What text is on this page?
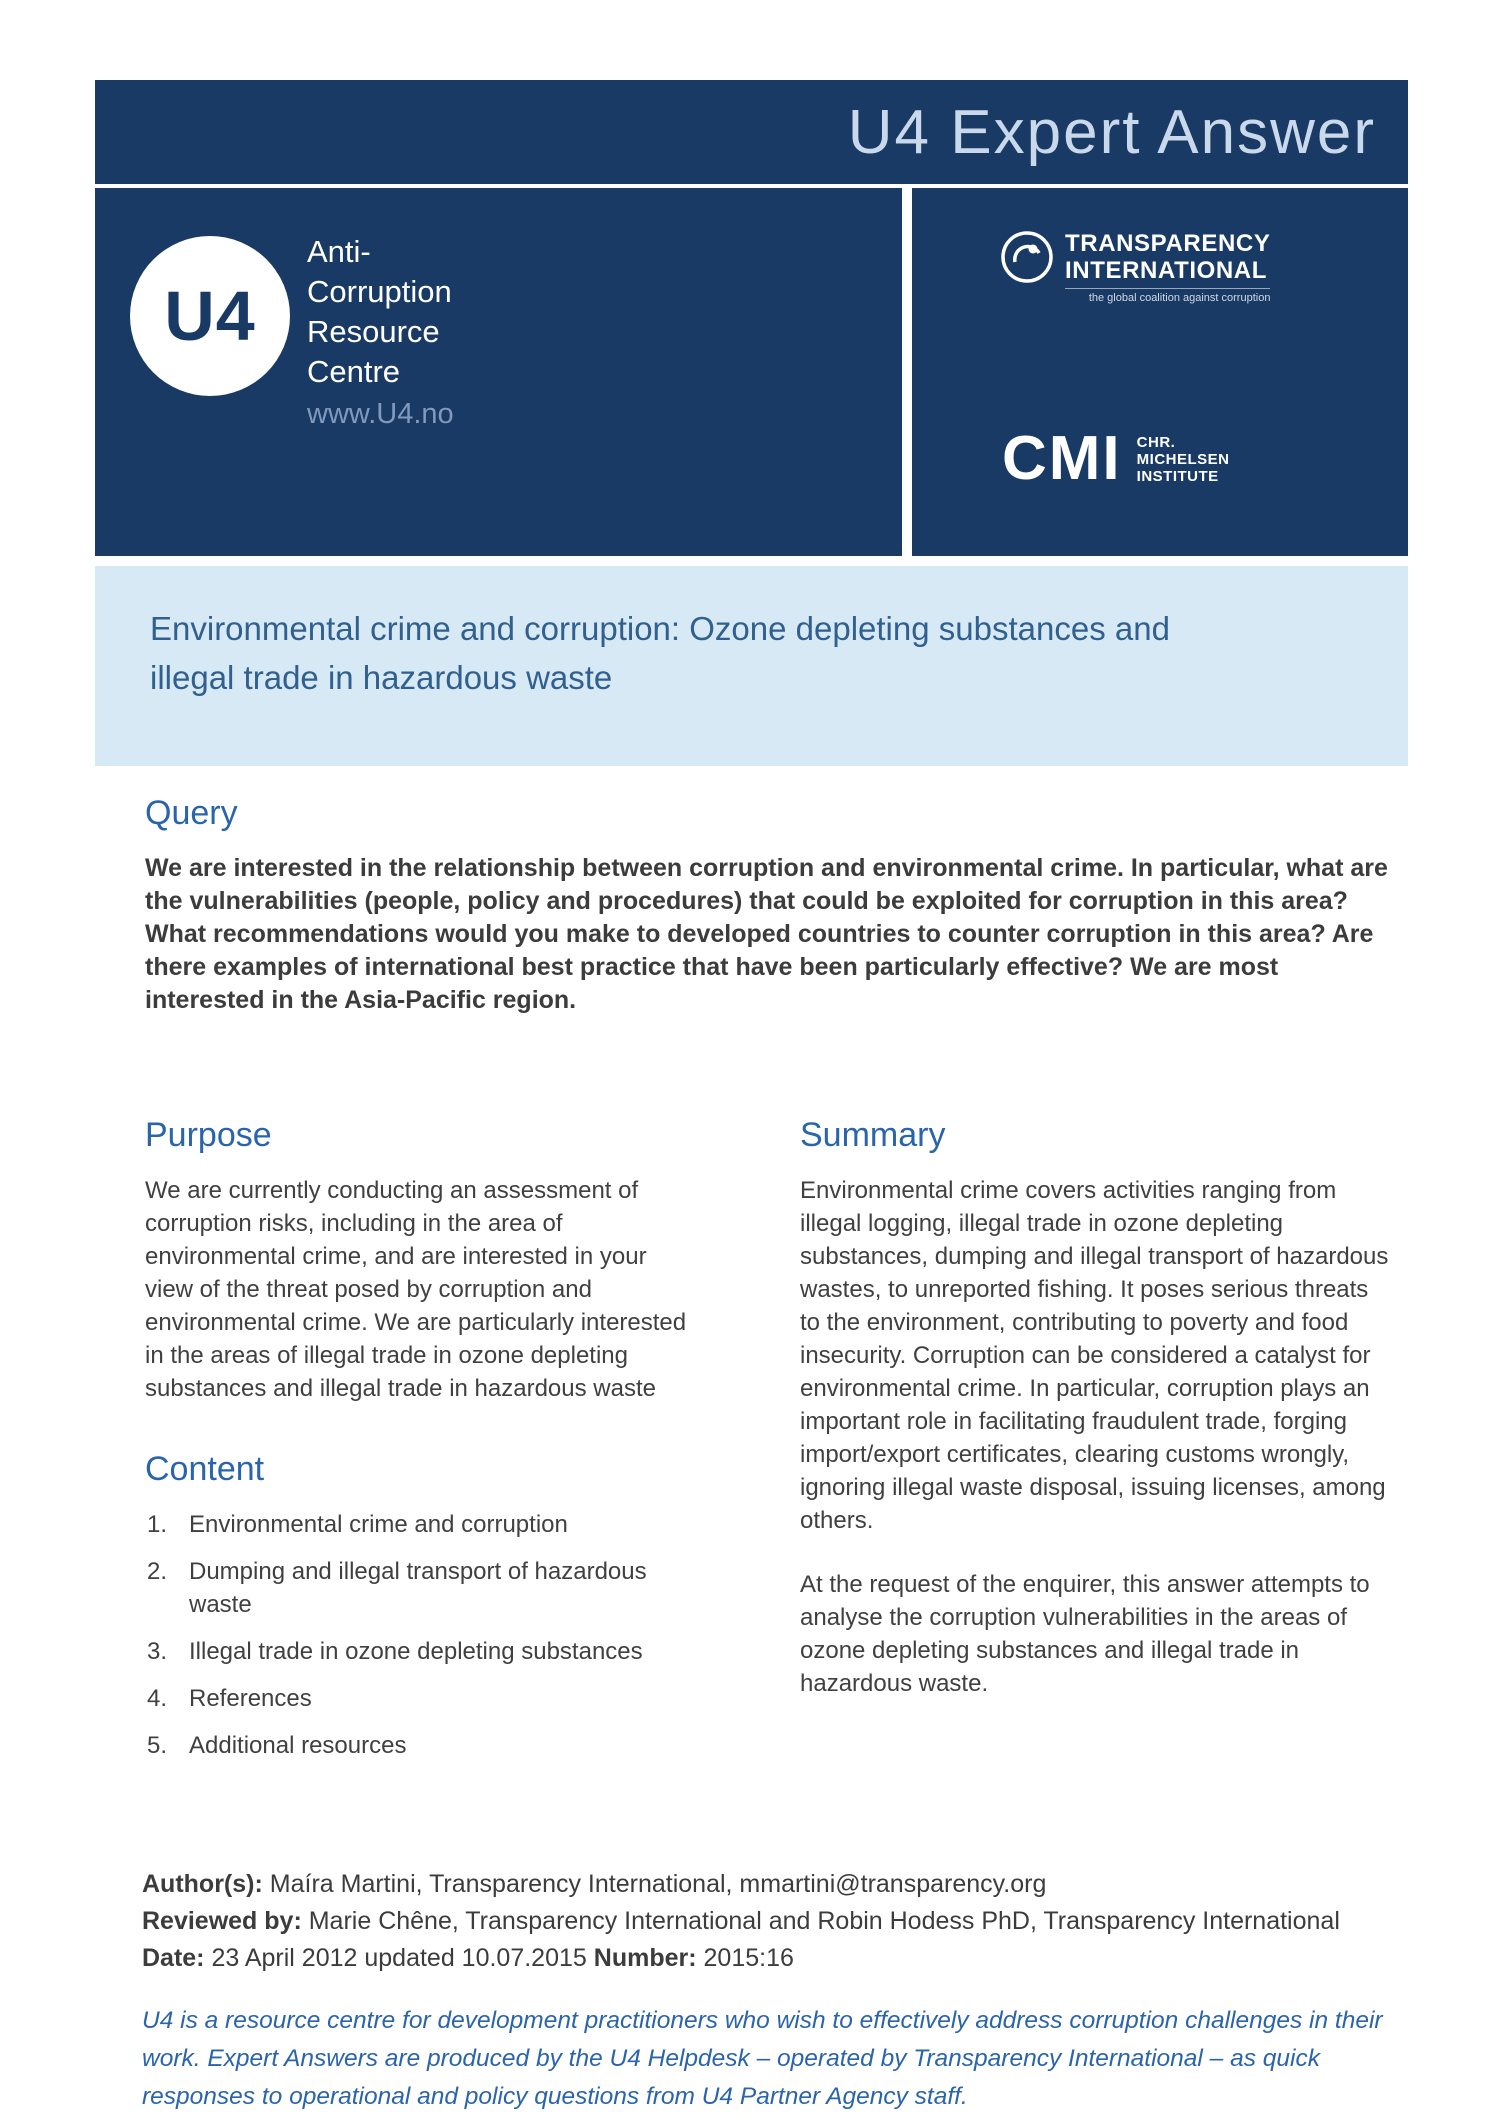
U4 Expert Answer
U4
Anti-
Corruption
Resource
Centre
www.U4.no
TRANSPARENCY
INTERNATIONAL
the global coalition against corruption
CMI CHR.
MICHELSEN
INSTITUTE
Environmental crime and corruption: Ozone depleting substances and illegal trade in hazardous waste
Query

We are interested in the relationship between corruption and environmental crime. In particular, what are the vulnerabilities (people, policy and procedures) that could be exploited for corruption in this area? What recommendations would you make to developed countries to counter corruption in this area? Are there examples of international best practice that have been particularly effective? We are most interested in the Asia-Pacific region.

Purpose

We are currently conducting an assessment of corruption risks, including in the area of environmental crime, and are interested in your view of the threat posed by corruption and environmental crime. We are particularly interested in the areas of illegal trade in ozone depleting substances and illegal trade in hazardous waste

Content
Environmental crime and corruption
Dumping and illegal transport of hazardous waste
Illegal trade in ozone depleting substances
References
Additional resources
Summary

Environmental crime covers activities ranging from illegal logging, illegal trade in ozone depleting substances, dumping and illegal transport of hazardous wastes, to unreported fishing. It poses serious threats to the environment, contributing to poverty and food insecurity. Corruption can be considered a catalyst for environmental crime. In particular, corruption plays an important role in facilitating fraudulent trade, forging import/export certificates, clearing customs wrongly, ignoring illegal waste disposal, issuing licenses, among others.

At the request of the enquirer, this answer attempts to analyse the corruption vulnerabilities in the areas of ozone depleting substances and illegal trade in hazardous waste.

Author(s): Maíra Martini, Transparency International, mmartini@transparency.org
Reviewed by: Marie Chêne, Transparency International and Robin Hodess PhD, Transparency International
Date: 23 April 2012 updated 10.07.2015 Number: 2015:16

U4 is a resource centre for development practitioners who wish to effectively address corruption challenges in their work. Expert Answers are produced by the U4 Helpdesk – operated by Transparency International – as quick responses to operational and policy questions from U4 Partner Agency staff.
